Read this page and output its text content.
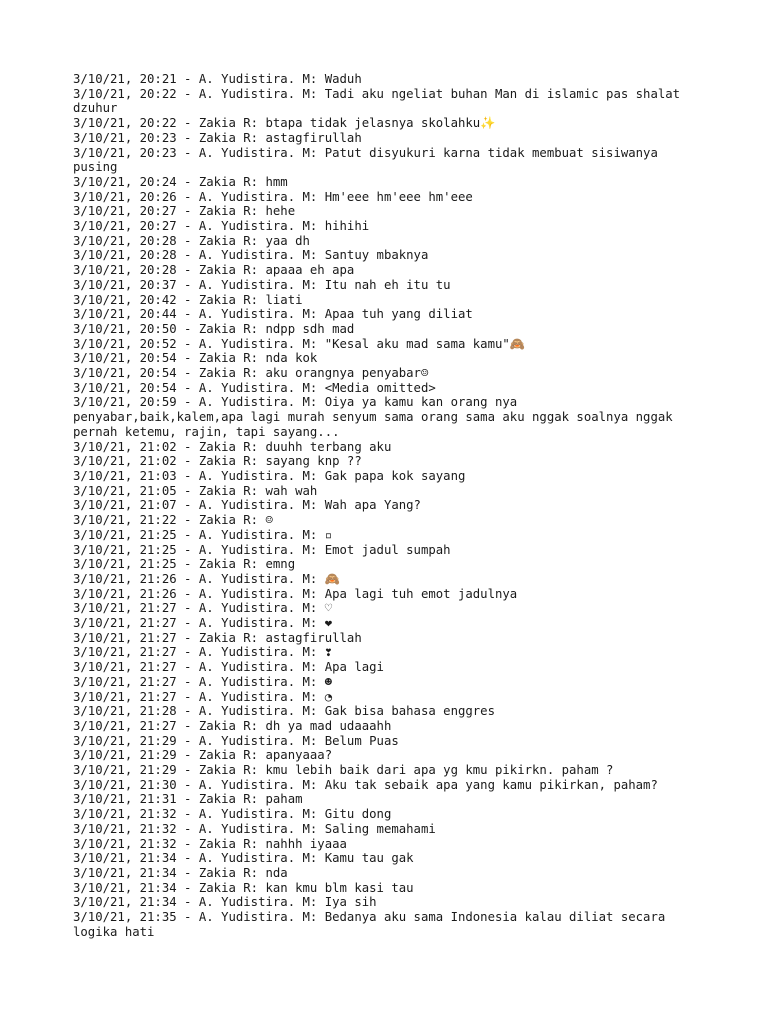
3/10/21, 20:21 - A. Yudistira. M: Waduh
3/10/21, 20:22 - A. Yudistira. M: Tadi aku ngeliat buhan Man di islamic pas shalat
dzuhur
3/10/21, 20:22 - Zakia R: btapa tidak jelasnya skolahku✨
3/10/21, 20:23 - Zakia R: astagfirullah
3/10/21, 20:23 - A. Yudistira. M: Patut disyukuri karna tidak membuat sisiwanya
pusing
3/10/21, 20:24 - Zakia R: hmm
3/10/21, 20:26 - A. Yudistira. M: Hm'eee hm'eee hm'eee
3/10/21, 20:27 - Zakia R: hehe
3/10/21, 20:27 - A. Yudistira. M: hihihi
3/10/21, 20:28 - Zakia R: yaa dh
3/10/21, 20:28 - A. Yudistira. M: Santuy mbaknya
3/10/21, 20:28 - Zakia R: apaaa eh apa
3/10/21, 20:37 - A. Yudistira. M: Itu nah eh itu tu
3/10/21, 20:42 - Zakia R: liati
3/10/21, 20:44 - A. Yudistira. M: Apaa tuh yang diliat
3/10/21, 20:50 - Zakia R: ndpp sdh mad
3/10/21, 20:52 - A. Yudistira. M: "Kesal aku mad sama kamu"🙈
3/10/21, 20:54 - Zakia R: nda kok
3/10/21, 20:54 - Zakia R: aku orangnya penyabar☺
3/10/21, 20:54 - A. Yudistira. M: <Media omitted>
3/10/21, 20:59 - A. Yudistira. M: Oiya ya kamu kan orang nya
penyabar,baik,kalem,apa lagi murah senyum sama orang sama aku nggak soalnya nggak
pernah ketemu, rajin, tapi sayang...
3/10/21, 21:02 - Zakia R: duuhh terbang aku
3/10/21, 21:02 - Zakia R: sayang knp ??
3/10/21, 21:03 - A. Yudistira. M: Gak papa kok sayang
3/10/21, 21:05 - Zakia R: wah wah
3/10/21, 21:07 - A. Yudistira. M: Wah apa Yang?
3/10/21, 21:22 - Zakia R: ☺
3/10/21, 21:25 - A. Yudistira. M: ▫
3/10/21, 21:25 - A. Yudistira. M: Emot jadul sumpah
3/10/21, 21:25 - Zakia R: emng
3/10/21, 21:26 - A. Yudistira. M: 🙈
3/10/21, 21:26 - A. Yudistira. M: Apa lagi tuh emot jadulnya
3/10/21, 21:27 - A. Yudistira. M: ♡
3/10/21, 21:27 - A. Yudistira. M: ❤
3/10/21, 21:27 - Zakia R: astagfirullah
3/10/21, 21:27 - A. Yudistira. M: ❣
3/10/21, 21:27 - A. Yudistira. M: Apa lagi
3/10/21, 21:27 - A. Yudistira. M: ☻
3/10/21, 21:27 - A. Yudistira. M: ◔
3/10/21, 21:28 - A. Yudistira. M: Gak bisa bahasa enggres
3/10/21, 21:27 - Zakia R: dh ya mad udaaahh
3/10/21, 21:29 - A. Yudistira. M: Belum Puas
3/10/21, 21:29 - Zakia R: apanyaaa?
3/10/21, 21:29 - Zakia R: kmu lebih baik dari apa yg kmu pikirkn. paham ?
3/10/21, 21:30 - A. Yudistira. M: Aku tak sebaik apa yang kamu pikirkan, paham?
3/10/21, 21:31 - Zakia R: paham
3/10/21, 21:32 - A. Yudistira. M: Gitu dong
3/10/21, 21:32 - A. Yudistira. M: Saling memahami
3/10/21, 21:32 - Zakia R: nahhh iyaaa
3/10/21, 21:34 - A. Yudistira. M: Kamu tau gak
3/10/21, 21:34 - Zakia R: nda
3/10/21, 21:34 - Zakia R: kan kmu blm kasi tau
3/10/21, 21:34 - A. Yudistira. M: Iya sih
3/10/21, 21:35 - A. Yudistira. M: Bedanya aku sama Indonesia kalau diliat secara
logika hati
